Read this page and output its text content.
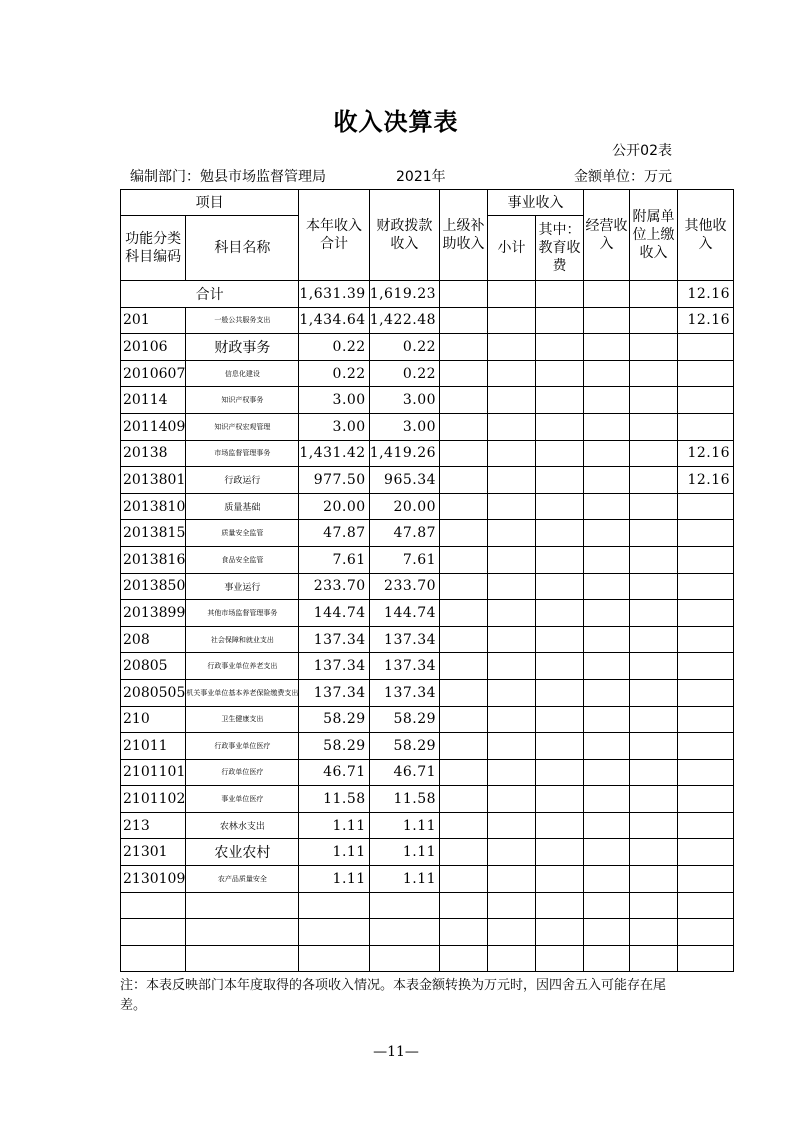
收入决算表
公开02表
编制部门：勉县市场监督管理局	2021年	金额单位：万元
项目		本年收入合计	财政拨款收入	上级补助收入	事业收入		经营收入	附属单位上缴收入	其他收入
功能分类科目编码	科目名称				小计	其中：教育收费			
合计		1,631.39	1,619.23						12.16
201	一般公共服务支出	1,434.64	1,422.48						12.16
20106	财政事务	0.22	0.22						
2010607	信息化建设	0.22	0.22						
20114	知识产权事务	3.00	3.00						
2011409	知识产权宏观管理	3.00	3.00						
20138	市场监督管理事务	1,431.42	1,419.26						12.16
2013801	行政运行	977.50	965.34						12.16
2013810	质量基础	20.00	20.00						
2013815	质量安全监管	47.87	47.87						
2013816	食品安全监管	7.61	7.61						
2013850	事业运行	233.70	233.70						
2013899	其他市场监督管理事务	144.74	144.74						
208	社会保障和就业支出	137.34	137.34						
20805	行政事业单位养老支出	137.34	137.34						
2080505	机关事业单位基本养老保险缴费支出	137.34	137.34						
210	卫生健康支出	58.29	58.29						
21011	行政事业单位医疗	58.29	58.29						
2101101	行政单位医疗	46.71	46.71						
2101102	事业单位医疗	11.58	11.58						
213	农林水支出	1.11	1.11						
21301	农业农村	1.11	1.11						
2130109	农产品质量安全	1.11	1.11						

注：本表反映部门本年度取得的各项收入情况。本表金额转换为万元时，因四舍五入可能存在尾差。
—11—
